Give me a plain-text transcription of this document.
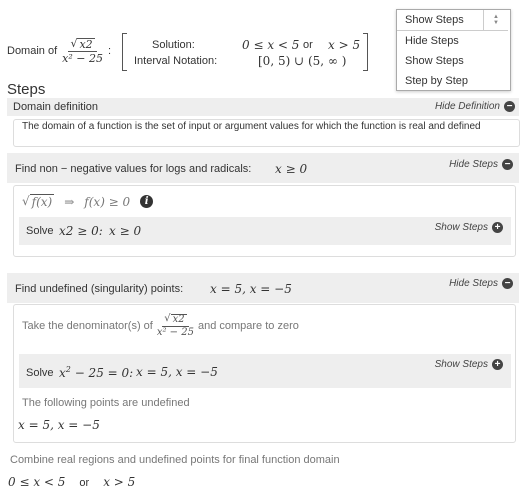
Domain of $\frac{√ x2}{\text{x² − 25}}$ :	Solution:	0 ≤ x < 5 or x > 5
Interval Notation:	[0, 5) ∪ (5, ∞ )
Show Steps	▲
▼
Hide Steps
Show Steps
Step by Step
Steps
Domain definition	Hide Definition −
The domain of a function is the set of input or argument values for which the function is real and defined
Find non − negative values for logs and radicals: x ≥ 0	Hide Steps −
√ f(x) ⇒ f(x) ≥ 0	i
Solve x2 ≥ 0: x ≥ 0	Show Steps +
Find undefined (singularity) points: x = 5, x = −5	Hide Steps −
Take the denominator(s) of $\frac{√ x2}{\text{x² − 25}}$ and compare to zero
Solve $x^2 - 25 = 0$: x = 5, x = −5
Show Steps +
The following points are undefined
x = 5, x = −5
Combine real regions and undefined points for final function domain
0 ≤ x < 5 or x > 5
